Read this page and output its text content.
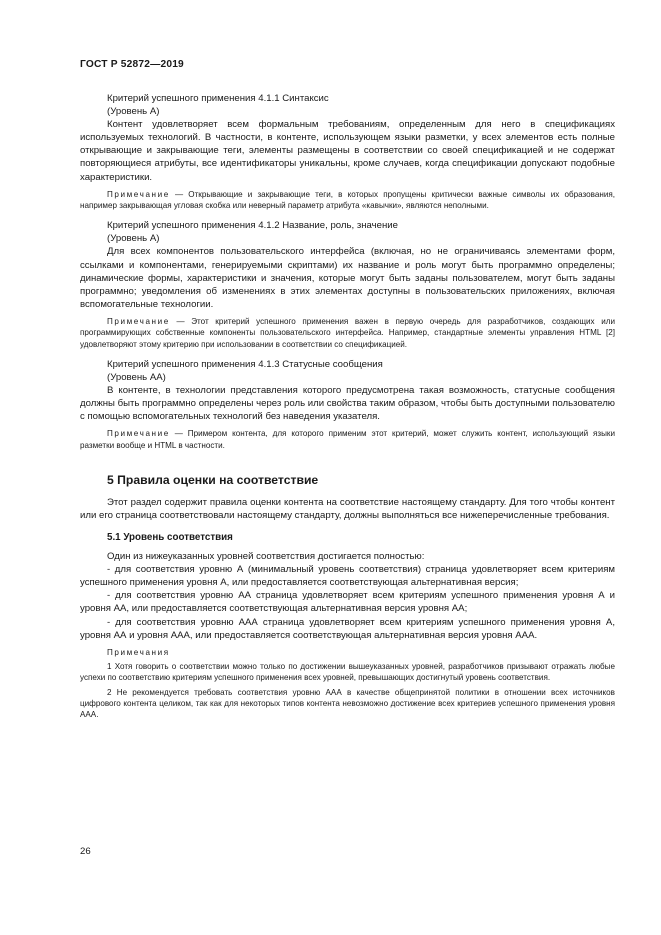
ГОСТ Р 52872—2019

Критерий успешного применения 4.1.1 Синтаксис

(Уровень А)

Контент удовлетворяет всем формальным требованиям, определенным для него в спецификациях используемых технологий. В частности, в контенте, использующем языки разметки, у всех элементов есть полные открывающие и закрывающие теги, элементы размещены в соответствии со своей спецификацией и не содержат повторяющиеся атрибуты, все идентификаторы уникальны, кроме случаев, когда спецификации допускают подобные характеристики.

Примечание — Открывающие и закрывающие теги, в которых пропущены критически важные символы их образования, например закрывающая угловая скобка или неверный параметр атрибута «кавычки», являются неполными.

Критерий успешного применения 4.1.2 Название, роль, значение

(Уровень А)

Для всех компонентов пользовательского интерфейса (включая, но не ограничиваясь элементами форм, ссылками и компонентами, генерируемыми скриптами) их название и роль могут быть программно определены; динамические формы, характеристики и значения, которые могут быть заданы пользователем, могут быть заданы программно; уведомления об изменениях в этих элементах доступны в пользовательских приложениях, включая вспомогательные технологии.

Примечание — Этот критерий успешного применения важен в первую очередь для разработчиков, создающих или программирующих собственные компоненты пользовательского интерфейса. Например, стандартные элементы управления HTML [2] удовлетворяют этому критерию при использовании в соответствии со спецификацией.

Критерий успешного применения 4.1.3 Статусные сообщения

(Уровень АА)

В контенте, в технологии представления которого предусмотрена такая возможность, статусные сообщения должны быть программно определены через роль или свойства таким образом, чтобы быть доступными пользователю с помощью вспомогательных технологий без наведения указателя.

Примечание — Примером контента, для которого применим этот критерий, может служить контент, использующий языки разметки вообще и HTML в частности.

5 Правила оценки на соответствие

Этот раздел содержит правила оценки контента на соответствие настоящему стандарту. Для того чтобы контент или его страница соответствовали настоящему стандарту, должны выполняться все нижеперечисленные требования.

5.1 Уровень соответствия

Один из нижеуказанных уровней соответствия достигается полностью:

- для соответствия уровню А (минимальный уровень соответствия) страница удовлетворяет всем критериям успешного применения уровня А, или предоставляется соответствующая альтернативная версия;

- для соответствия уровню АА страница удовлетворяет всем критериям успешного применения уровня А и уровня АА, или предоставляется соответствующая альтернативная версия уровня АА;

- для соответствия уровню ААА страница удовлетворяет всем критериям успешного применения уровня А, уровня АА и уровня ААА, или предоставляется соответствующая альтернативная версия уровня ААА.

Примечания

1 Хотя говорить о соответствии можно только по достижении вышеуказанных уровней, разработчиков призывают отражать любые успехи по соответствию критериям успешного применения всех уровней, превышающих достигнутый уровень соответствия.

2 Не рекомендуется требовать соответствия уровню ААА в качестве общепринятой политики в отношении всех источников цифрового контента целиком, так как для некоторых типов контента невозможно достижение всех критериев успешного применения уровня ААА.

26
